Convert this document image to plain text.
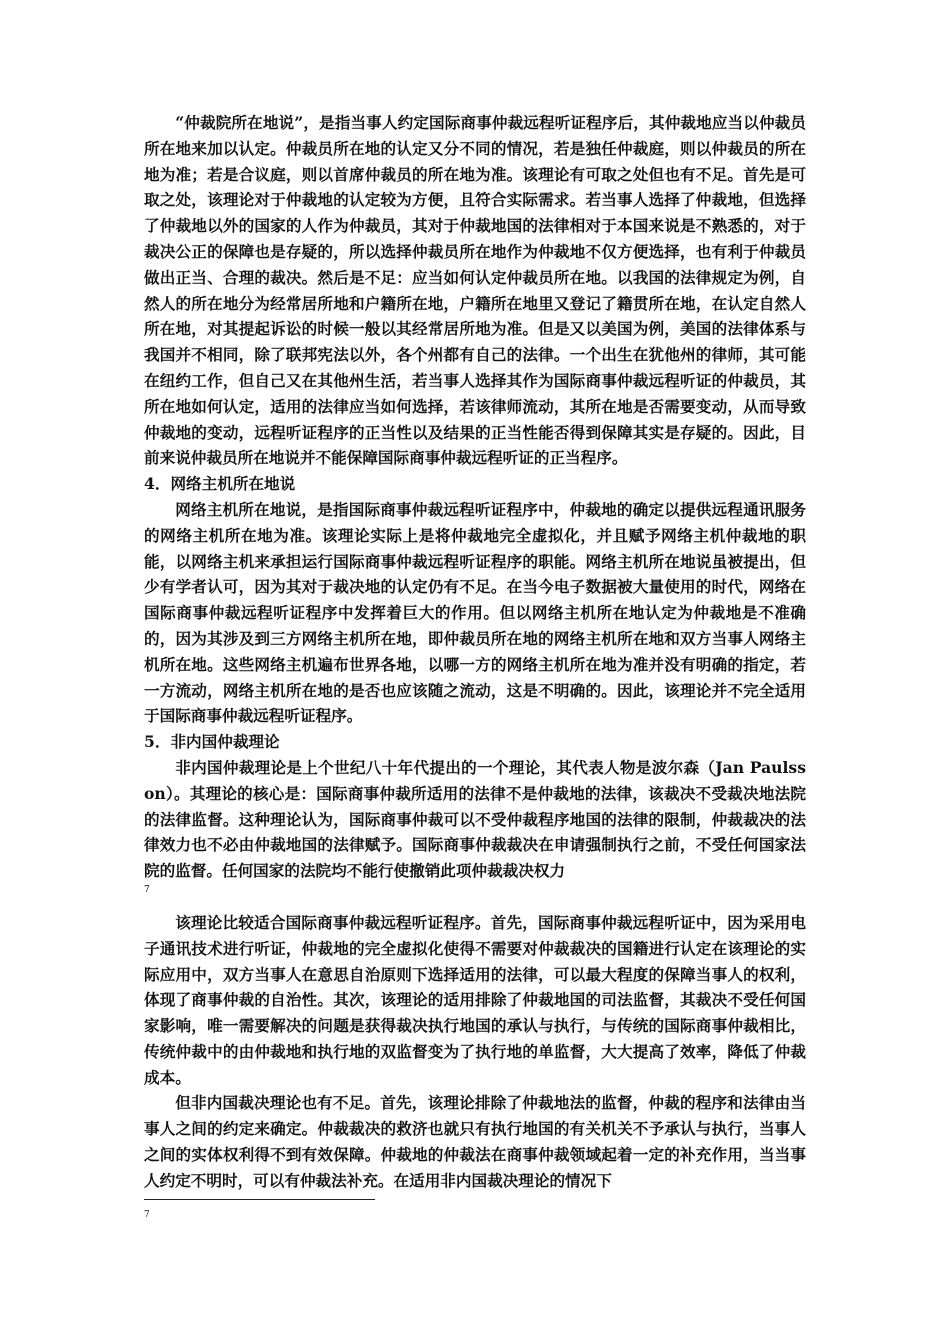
“仲裁院所在地说”，是指当事人约定国际商事仲裁远程听证程序后，其仲裁地应当以仲裁员所在地来加以认定。仲裁员所在地的认定又分不同的情况，若是独任仲裁庭，则以仲裁员的所在地为准；若是合议庭，则以首席仲裁员的所在地为准。该理论有可取之处但也有不足。首先是可取之处，该理论对于仲裁地的认定较为方便，且符合实际需求。若当事人选择了仲裁地，但选择了仲裁地以外的国家的人作为仲裁员，其对于仲裁地国的法律相对于本国来说是不熟悉的，对于裁决公正的保障也是存疑的，所以选择仲裁员所在地作为仲裁地不仅方便选择，也有利于仲裁员做出正当、合理的裁决。然后是不足：应当如何认定仲裁员所在地。以我国的法律规定为例，自然人的所在地分为经常居所地和户籍所在地，户籍所在地里又登记了籍贯所在地，在认定自然人所在地，对其提起诉讼的时候一般以其经常居所地为准。但是又以美国为例，美国的法律体系与我国并不相同，除了联邦宪法以外，各个州都有自己的法律。一个出生在犹他州的律师，其可能在纽约工作，但自己又在其他州生活，若当事人选择其作为国际商事仲裁远程听证的仲裁员，其所在地如何认定，适用的法律应当如何选择，若该律师流动，其所在地是否需要变动，从而导致仲裁地的变动，远程听证程序的正当性以及结果的正当性能否得到保障其实是存疑的。因此，目前来说仲裁员所在地说并不能保障国际商事仲裁远程听证的正当程序。

4．网络主机所在地说

网络主机所在地说，是指国际商事仲裁远程听证程序中，仲裁地的确定以提供远程通讯服务的网络主机所在地为准。该理论实际上是将仲裁地完全虚拟化，并且赋予网络主机仲裁地的职能，以网络主机来承担运行国际商事仲裁远程听证程序的职能。网络主机所在地说虽被提出，但少有学者认可，因为其对于裁决地的认定仍有不足。在当今电子数据被大量使用的时代，网络在国际商事仲裁远程听证程序中发挥着巨大的作用。但以网络主机所在地认定为仲裁地是不准确的，因为其涉及到三方网络主机所在地，即仲裁员所在地的网络主机所在地和双方当事人网络主机所在地。这些网络主机遍布世界各地，以哪一方的网络主机所在地为准并没有明确的指定，若一方流动，网络主机所在地的是否也应该随之流动，这是不明确的。因此，该理论并不完全适用于国际商事仲裁远程听证程序。

5．非内国仲裁理论

非内国仲裁理论是上个世纪八十年代提出的一个理论，其代表人物是波尔森（Jan Paulsson）。其理论的核心是：国际商事仲裁所适用的法律不是仲裁地的法律，该裁决不受裁决地法院的法律监督。这种理论认为，国际商事仲裁可以不受仲裁程序地国的法律的限制，仲裁裁决的法律效力也不必由仲裁地国的法律赋予。国际商事仲裁裁决在申请强制执行之前，不受任何国家法院的监督。任何国家的法院均不能行使撤销此项仲裁裁决权力

7

该理论比较适合国际商事仲裁远程听证程序。首先，国际商事仲裁远程听证中，因为采用电子通讯技术进行听证，仲裁地的完全虚拟化使得不需要对仲裁裁决的国籍进行认定在该理论的实际应用中，双方当事人在意思自治原则下选择适用的法律，可以最大程度的保障当事人的权利，体现了商事仲裁的自治性。其次，该理论的适用排除了仲裁地国的司法监督，其裁决不受任何国家影响，唯一需要解决的问题是获得裁决执行地国的承认与执行，与传统的国际商事仲裁相比，传统仲裁中的由仲裁地和执行地的双监督变为了执行地的单监督，大大提高了效率，降低了仲裁成本。

但非内国裁决理论也有不足。首先，该理论排除了仲裁地法的监督，仲裁的程序和法律由当事人之间的约定来确定。仲裁裁决的救济也就只有执行地国的有关机关不予承认与执行，当事人之间的实体权利得不到有效保障。仲裁地的仲裁法在商事仲裁领域起着一定的补充作用，当当事人约定不明时，可以有仲裁法补充。在适用非内国裁决理论的情况下

7
